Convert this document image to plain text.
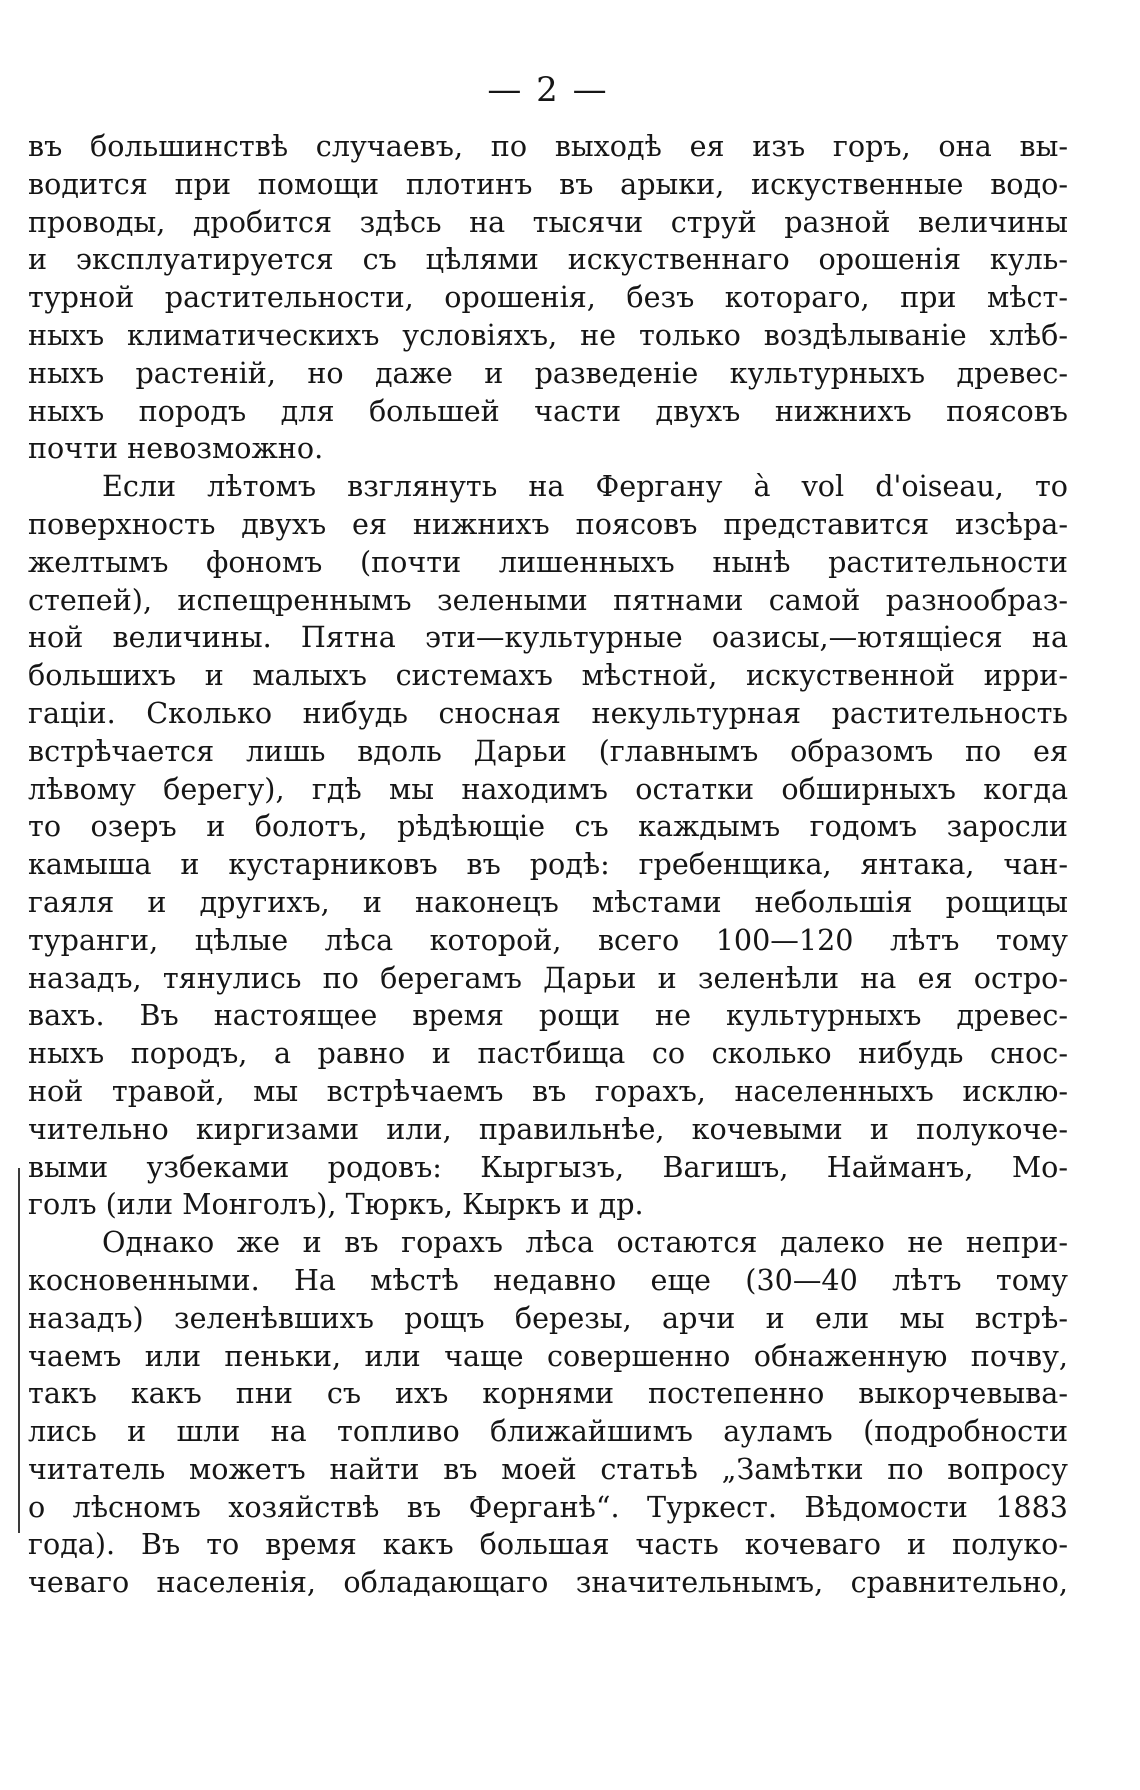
— 2 —
въ большинствѣ случаевъ, по выходѣ ея изъ горъ, она вы-
водится при помощи плотинъ въ арыки, искуственные водо-
проводы, дробится здѣсь на тысячи струй разной величины
и эксплуатируется съ цѣлями искуственнаго орошенія куль-
турной растительности, орошенія, безъ котораго, при мѣст-
ныхъ климатическихъ условіяхъ, не только воздѣлываніе хлѣб-
ныхъ растеній, но даже и разведеніе культурныхъ древес-
ныхъ породъ для большей части двухъ нижнихъ поясовъ
почти невозможно.
Если лѣтомъ взглянуть на Фергану à vol d'oiseau, то
поверхность двухъ ея нижнихъ поясовъ представится изсѣра-
желтымъ фономъ (почти лишенныхъ нынѣ растительности
степей), испещреннымъ зелеными пятнами самой разнообраз-
ной величины. Пятна эти—культурные оазисы,—ютящіеся на
большихъ и малыхъ системахъ мѣстной, искуственной ирри-
гаціи. Сколько нибудь сносная некультурная растительность
встрѣчается лишь вдоль Дарьи (главнымъ образомъ по ея
лѣвому берегу), гдѣ мы находимъ остатки обширныхъ когда
то озеръ и болотъ, рѣдѣющіе съ каждымъ годомъ заросли
камыша и кустарниковъ въ родѣ: гребенщика, янтака, чан-
гаяля и другихъ, и наконецъ мѣстами небольшія рощицы
туранги, цѣлые лѣса которой, всего 100—120 лѣтъ тому
назадъ, тянулись по берегамъ Дарьи и зеленѣли на ея остро-
вахъ. Въ настоящее время рощи не культурныхъ древес-
ныхъ породъ, а равно и пастбища со сколько нибудь снос-
ной травой, мы встрѣчаемъ въ горахъ, населенныхъ исклю-
чительно киргизами или, правильнѣе, кочевыми и полукоче-
выми узбеками родовъ: Кыргызъ, Вагишъ, Найманъ, Мо-
голъ (или Монголъ), Тюркъ, Кыркъ и др.
Однако же и въ горахъ лѣса остаются далеко не непри-
косновенными. На мѣстѣ недавно еще (30—40 лѣтъ тому
назадъ) зеленѣвшихъ рощъ березы, арчи и ели мы встрѣ-
чаемъ или пеньки, или чаще совершенно обнаженную почву,
такъ какъ пни съ ихъ корнями постепенно выкорчевыва-
лись и шли на топливо ближайшимъ ауламъ (подробности
читатель можетъ найти въ моей статьѣ „Замѣтки по вопросу
о лѣсномъ хозяйствѣ въ Ферганѣ“. Туркест. Вѣдомости 1883
года). Въ то время какъ большая часть кочеваго и полуко-
чеваго населенія, обладающаго значительнымъ, сравнительно,
